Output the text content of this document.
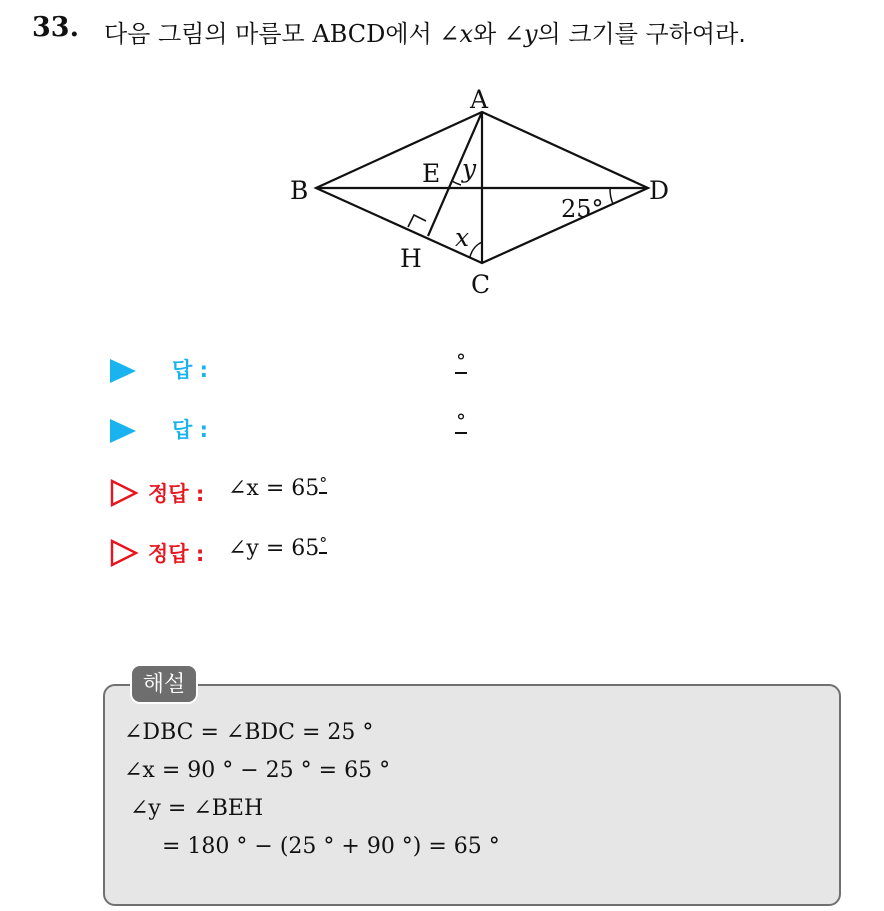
33. 다음 그림의 마름모 ABCD에서 ∠x와 ∠y의 크기를 구하여라.
A
B
C
D
E
H
y
x
25°
답 :	°
답 :	°
정답 : ∠x = 65°
정답 : ∠y = 65°
해설
∠DBC = ∠BDC = 25 °
∠x = 90 ° − 25 ° = 65 °
∠y = ∠BEH
= 180 ° − (25 ° + 90 °) = 65 °
